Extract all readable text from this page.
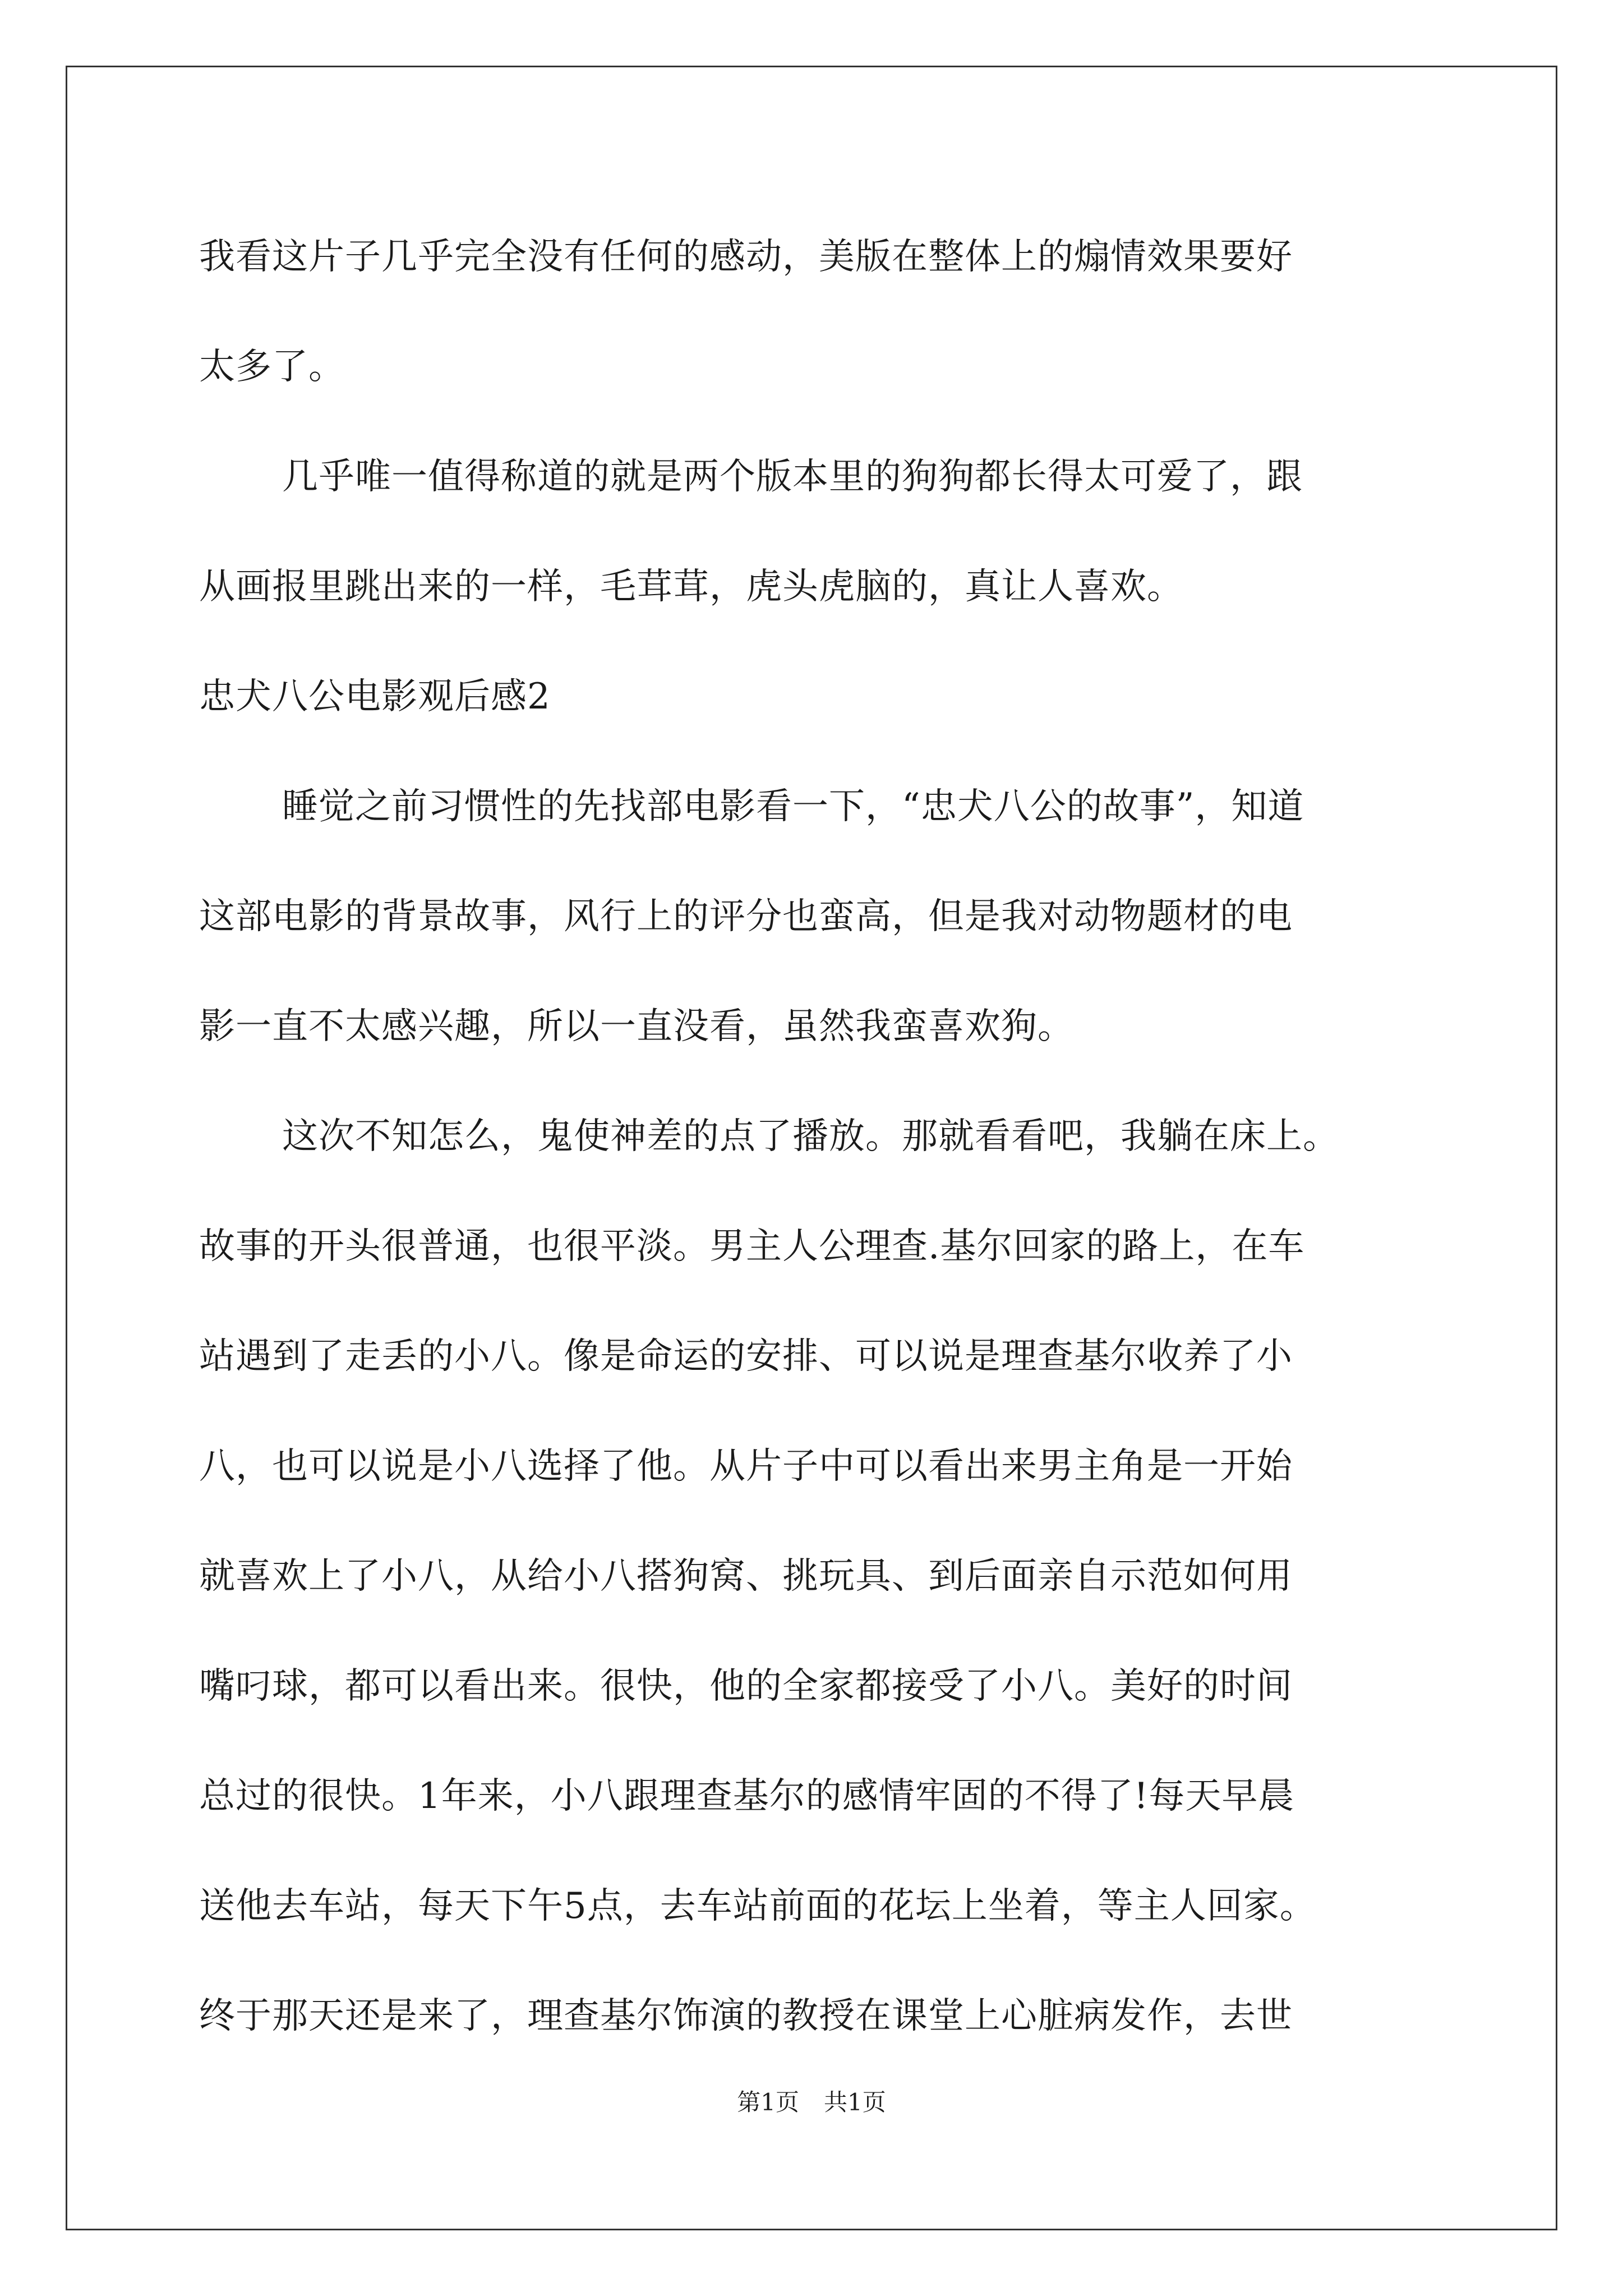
我看这片子几乎完全没有任何的感动，美版在整体上的煽情效果要好
太多了。
几乎唯一值得称道的就是两个版本里的狗狗都长得太可爱了，跟
从画报里跳出来的一样，毛茸茸，虎头虎脑的，真让人喜欢。
忠犬八公电影观后感2
睡觉之前习惯性的先找部电影看一下，“忠犬八公的故事”，知道
这部电影的背景故事，风行上的评分也蛮高，但是我对动物题材的电
影一直不太感兴趣，所以一直没看，虽然我蛮喜欢狗。
这次不知怎么，鬼使神差的点了播放。那就看看吧，我躺在床上。
故事的开头很普通，也很平淡。男主人公理查.基尔回家的路上，在车
站遇到了走丢的小八。像是命运的安排、可以说是理查基尔收养了小
八，也可以说是小八选择了他。从片子中可以看出来男主角是一开始
就喜欢上了小八，从给小八搭狗窝、挑玩具、到后面亲自示范如何用
嘴叼球，都可以看出来。很快，他的全家都接受了小八。美好的时间
总过的很快。1年来，小八跟理查基尔的感情牢固的不得了!每天早晨
送他去车站，每天下午5点，去车站前面的花坛上坐着，等主人回家。
终于那天还是来了，理查基尔饰演的教授在课堂上心脏病发作，去世
第1页 共1页
